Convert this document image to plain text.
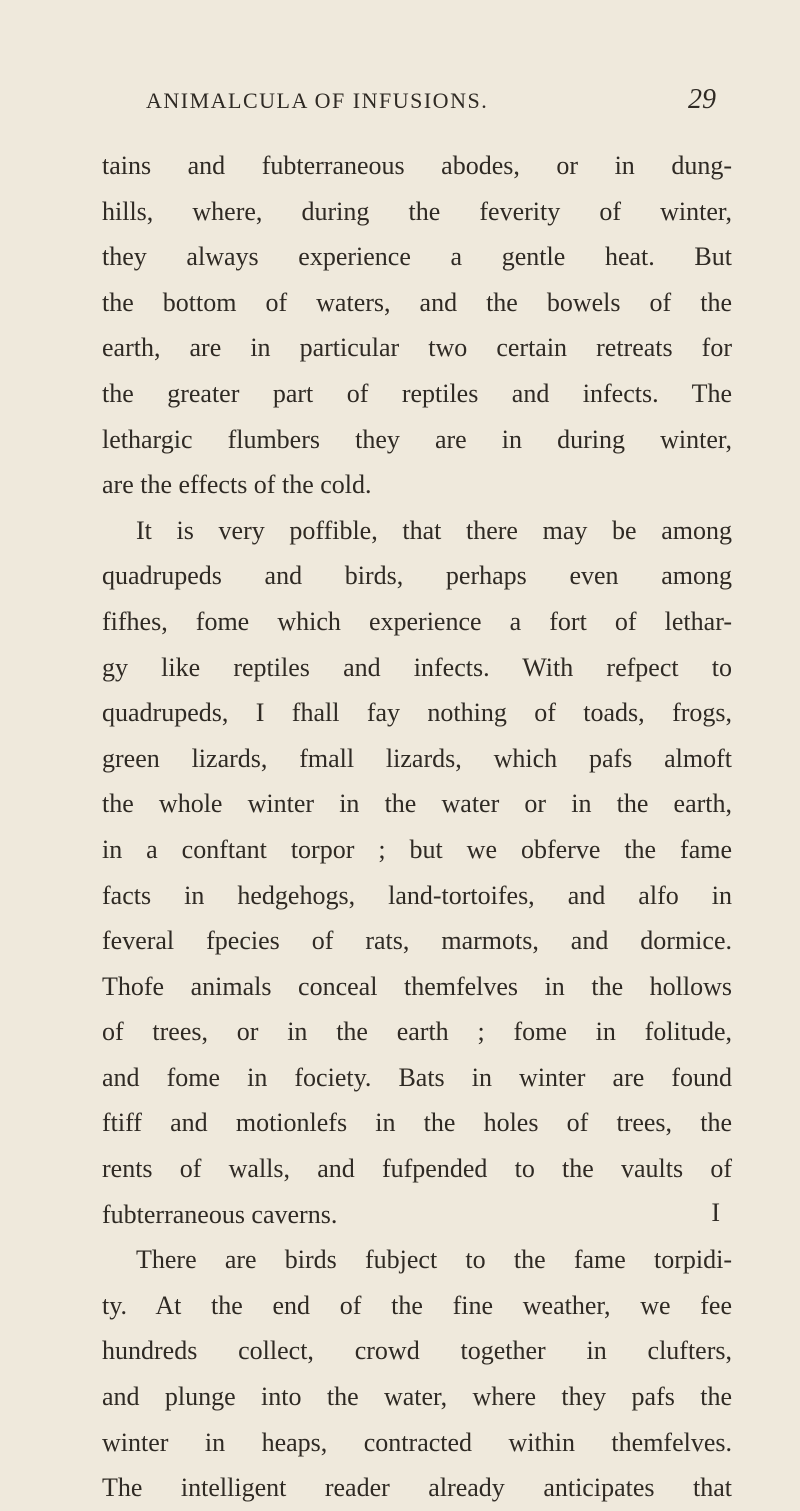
ANIMALCULA OF INFUSIONS.	29
tains and fubterraneous abodes, or in dung-
hills, where, during the feverity of winter,
they always experience a gentle heat. But
the bottom of waters, and the bowels of the
earth, are in particular two certain retreats for
the greater part of reptiles and infects. The
lethargic flumbers they are in during winter,
are the effects of the cold.
It is very poffible, that there may be among
quadrupeds and birds, perhaps even among
fifhes, fome which experience a fort of lethar-
gy like reptiles and infects. With refpect to
quadrupeds, I fhall fay nothing of toads, frogs,
green lizards, fmall lizards, which pafs almoft
the whole winter in the water or in the earth,
in a conftant torpor ; but we obferve the fame
facts in hedgehogs, land-tortoifes, and alfo in
feveral fpecies of rats, marmots, and dormice.
Thofe animals conceal themfelves in the hollows
of trees, or in the earth ; fome in folitude,
and fome in fociety. Bats in winter are found
ftiff and motionlefs in the holes of trees, the
rents of walls, and fufpended to the vaults of
fubterraneous caverns.
There are birds fubject to the fame torpidi-
ty. At the end of the fine weather, we fee
hundreds collect, crowd together in clufters,
and plunge into the water, where they pafs the
winter in heaps, contracted within themfelves.
The intelligent reader already anticipates that
I
